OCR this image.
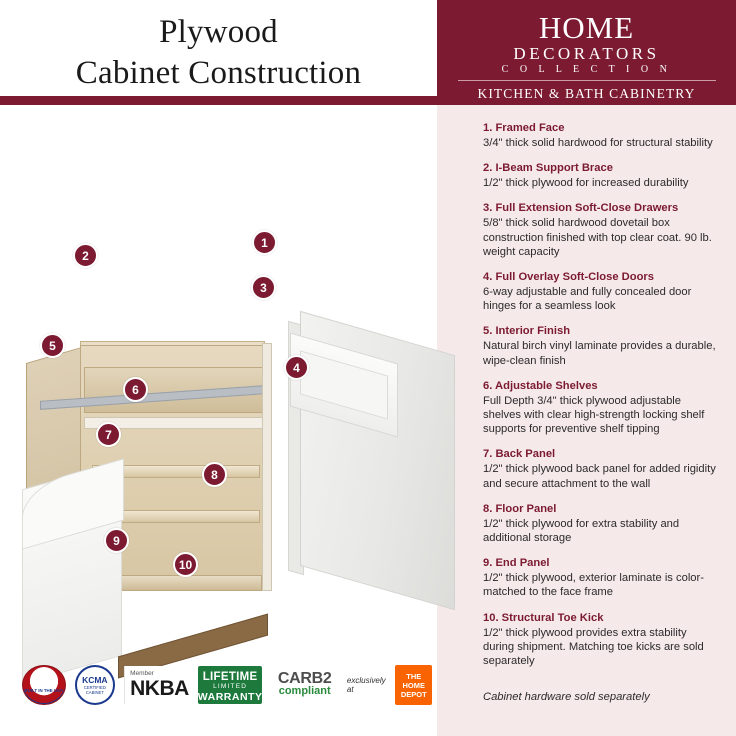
Plywood
Cabinet Construction
HOME
DECORATORS
C O L L E C T I O N
KITCHEN & BATH CABINETRY
1. Framed Face
3/4" thick solid hardwood for structural stability
2. I-Beam Support Brace
1/2" thick plywood for increased durability
3. Full Extension Soft-Close Drawers
5/8" thick solid hardwood dovetail box construction finished with top clear coat. 90 lb. weight capacity
4. Full Overlay Soft-Close Doors
6-way adjustable and fully concealed door hinges for a seamless look
5. Interior Finish
Natural birch vinyl laminate provides a durable, wipe-clean finish
6. Adjustable Shelves
Full Depth 3/4" thick plywood adjustable shelves with clear high-strength locking shelf supports for preventive shelf tipping
7. Back Panel
1/2" thick plywood back panel for added rigidity and secure attachment to the wall
8. Floor Panel
1/2" thick plywood for extra stability and additional storage
9. End Panel
1/2" thick plywood, exterior laminate is color-matched to the face frame
10. Structural Toe Kick
1/2" thick plywood provides extra stability during shipment. Matching toe kicks are sold separately
Cabinet hardware sold separately
1
2
3
4
5
6
7
8
9
10
BUILT IN THE USA
KCMA
CERTIFIED CABINET
Member
NKBA LIFETIME
LIMITED
WARRANTY
CARB2
compliant
exclusively at
THE
HOME DEPOT
